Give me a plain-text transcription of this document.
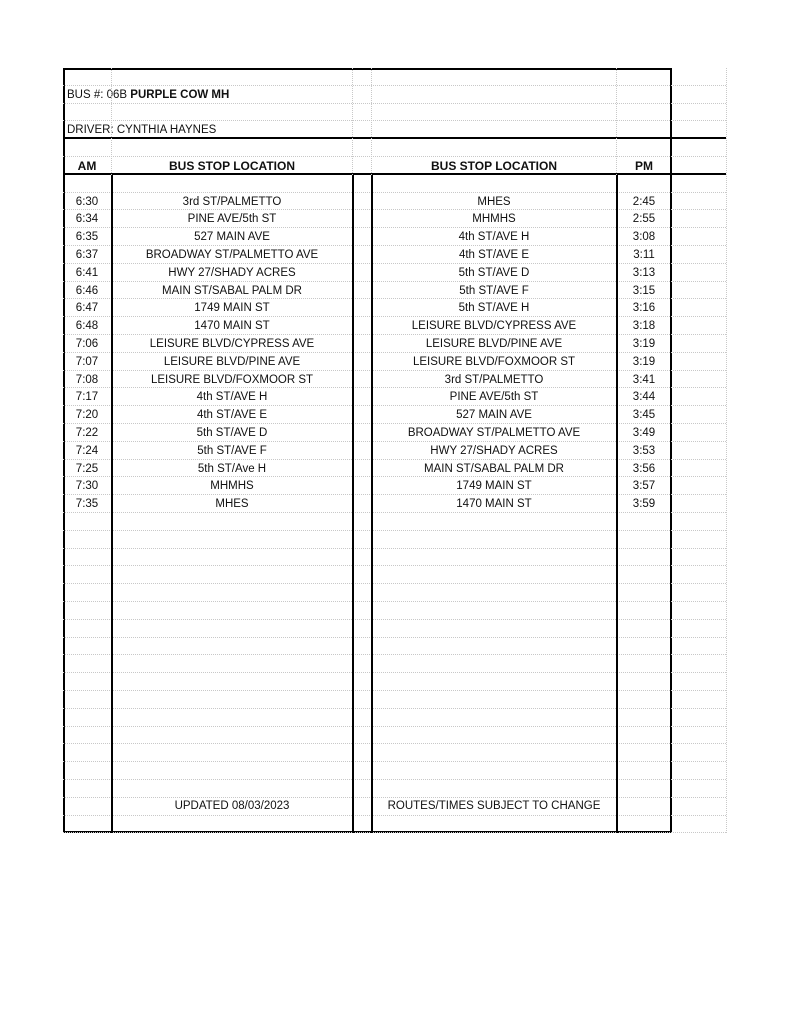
BUS #: 06B PURPLE COW MH
DRIVER: CYNTHIA HAYNES
AM	BUS STOP LOCATION	BUS STOP LOCATION	PM
6:30	3rd ST/PALMETTO	MHES	2:45
6:34	PINE AVE/5th ST	MHMHS	2:55
6:35	527 MAIN AVE	4th ST/AVE H	3:08
6:37	BROADWAY ST/PALMETTO AVE	4th ST/AVE E	3:11
6:41	HWY 27/SHADY ACRES	5th ST/AVE D	3:13
6:46	MAIN ST/SABAL PALM DR	5th ST/AVE F	3:15
6:47	1749 MAIN ST	5th ST/AVE H	3:16
6:48	1470 MAIN ST	LEISURE BLVD/CYPRESS AVE	3:18
7:06	LEISURE BLVD/CYPRESS AVE	LEISURE BLVD/PINE AVE	3:19
7:07	LEISURE BLVD/PINE AVE	LEISURE BLVD/FOXMOOR ST	3:19
7:08	LEISURE BLVD/FOXMOOR ST	3rd ST/PALMETTO	3:41
7:17	4th ST/AVE H	PINE AVE/5th ST	3:44
7:20	4th ST/AVE E	527 MAIN AVE	3:45
7:22	5th ST/AVE D	BROADWAY ST/PALMETTO AVE	3:49
7:24	5th ST/AVE F	HWY 27/SHADY ACRES	3:53
7:25	5th ST/Ave H	MAIN ST/SABAL PALM DR	3:56
7:30	MHMHS	1749 MAIN ST	3:57
7:35	MHES	1470 MAIN ST	3:59
UPDATED 08/03/2023	ROUTES/TIMES SUBJECT TO CHANGE
